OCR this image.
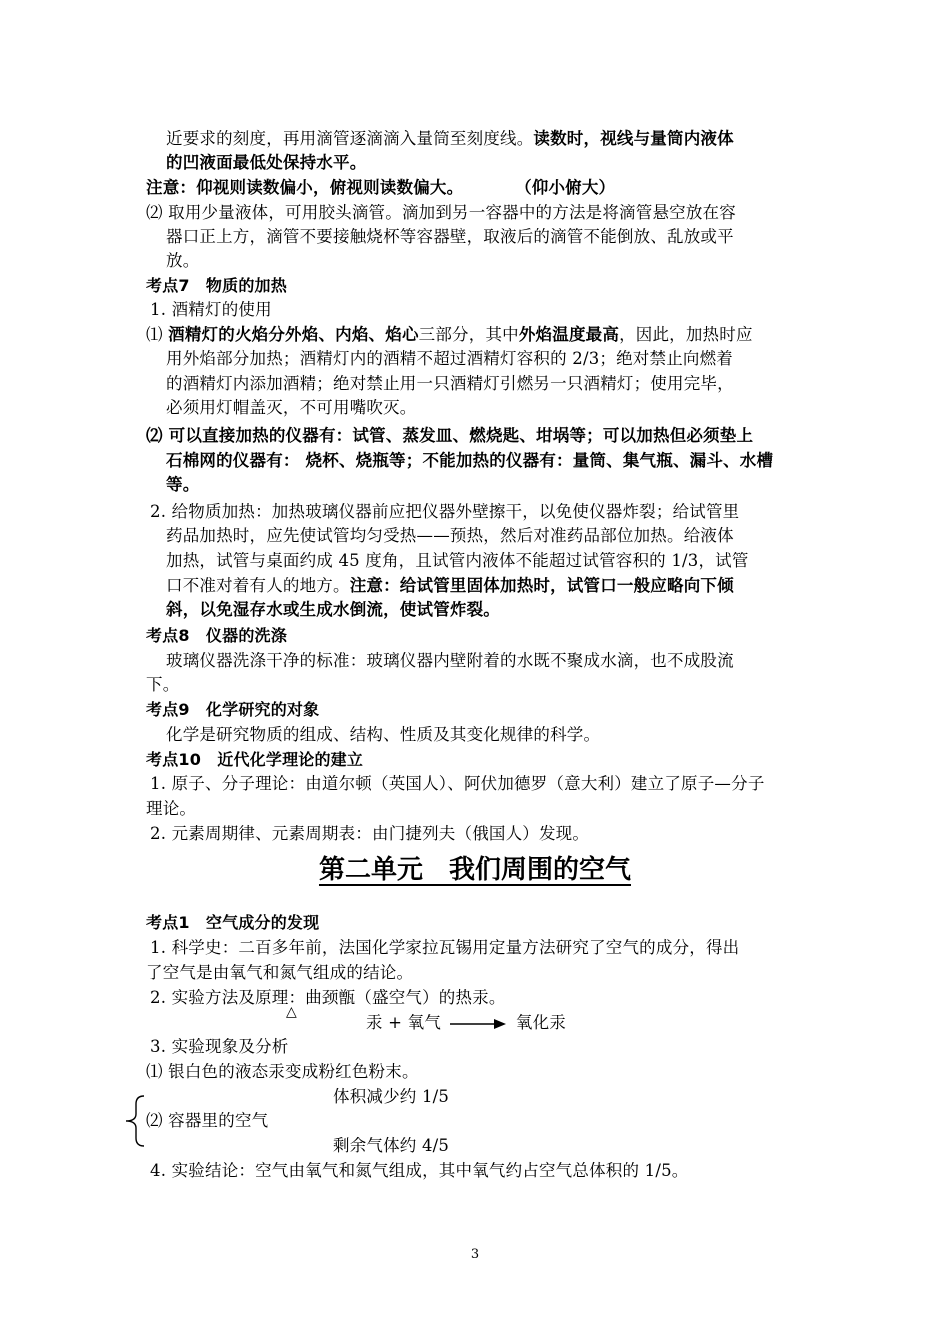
近要求的刻度，再用滴管逐滴滴入量筒至刻度线。读数时，视线与量筒内液体
的凹液面最低处保持水平。
注意：仰视则读数偏小，俯视则读数偏大。	（仰小俯大）
⑵ 取用少量液体，可用胶头滴管。滴加到另一容器中的方法是将滴管悬空放在容
器口正上方，滴管不要接触烧杯等容器壁，取液后的滴管不能倒放、乱放或平
放。
考点7　物质的加热
1. 酒精灯的使用
⑴ 酒精灯的火焰分外焰、内焰、焰心三部分，其中外焰温度最高，因此，加热时应
用外焰部分加热；酒精灯内的酒精不超过酒精灯容积的 2/3；绝对禁止向燃着
的酒精灯内添加酒精；绝对禁止用一只酒精灯引燃另一只酒精灯；使用完毕，
必须用灯帽盖灭，不可用嘴吹灭。
⑵ 可以直接加热的仪器有：试管、蒸发皿、燃烧匙、坩埚等；可以加热但必须垫上
石棉网的仪器有： 烧杯、烧瓶等；不能加热的仪器有：量筒、集气瓶、漏斗、水槽
等。
2. 给物质加热：加热玻璃仪器前应把仪器外壁擦干，以免使仪器炸裂；给试管里
药品加热时，应先使试管均匀受热——预热，然后对准药品部位加热。给液体
加热，试管与桌面约成 45 度角，且试管内液体不能超过试管容积的 1/3，试管
口不准对着有人的地方。注意：给试管里固体加热时，试管口一般应略向下倾
斜，以免湿存水或生成水倒流，使试管炸裂。
考点8　仪器的洗涤
玻璃仪器洗涤干净的标准：玻璃仪器内壁附着的水既不聚成水滴，也不成股流
下。
考点9　化学研究的对象
化学是研究物质的组成、结构、性质及其变化规律的科学。
考点10　近代化学理论的建立
1. 原子、分子理论：由道尔顿（英国人）、阿伏加德罗（意大利）建立了原子—分子
理论。
2. 元素周期律、元素周期表：由门捷列夫（俄国人）发现。
第二单元　我们周围的空气
考点1　空气成分的发现
1. 科学史：二百多年前，法国化学家拉瓦锡用定量方法研究了空气的成分，得出
了空气是由氧气和氮气组成的结论。
2. 实验方法及原理：曲颈甑（盛空气）的热汞。
△
汞 + 氧气 → 氧化汞
3. 实验现象及分析
⑴ 银白色的液态汞变成粉红色粉末。
体积减少约 1/5
⑵ 容器里的空气
剩余气体约 4/5
4. 实验结论：空气由氧气和氮气组成，其中氧气约占空气总体积的 1/5。
3
